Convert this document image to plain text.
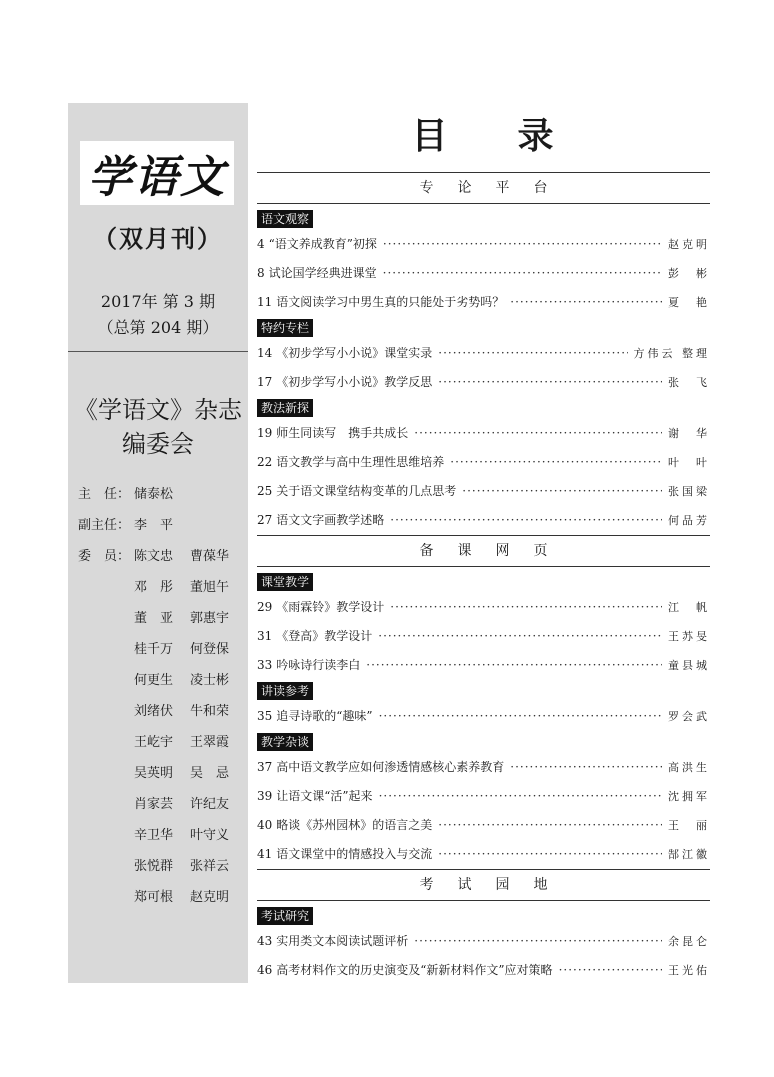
学语文
（双月刊）
2017年 第 3 期
（总第 204 期）
《学语文》杂志
编委会
主　任： 储泰松
副主任： 李　平
委　员： 陈文忠 曹葆华
邓　彤 董旭午
董　亚 郭惠宇
桂千万 何登保
何更生 凌士彬
刘绪伏 牛和荣
王屹宇 王翠霞
吴英明 吴　忌
肖家芸 许纪友
辛卫华 叶守义
张悦群 张祥云
郑可根 赵克明
目录
专论平台
语文观察
4 “语文养成教育”初探 ·····	赵克明
8 试论国学经典进课堂 ·····	彭　彬
11 语文阅读学习中男生真的只能处于劣势吗？ ·····	夏　艳
特约专栏
14 《初步学写小小说》课堂实录 ·····	方伟云 整理
17 《初步学写小小说》教学反思 ·····	张　飞
教法新探
19 师生同读写　携手共成长 ·····	谢　华
22 语文教学与高中生理性思维培养 ·····	叶　叶
25 关于语文课堂结构变革的几点思考 ·····	张国梁
27 语文文字画教学述略 ·····	何品芳
备课网页
课堂教学
29 《雨霖铃》教学设计 ·····	江　帆
31 《登高》教学设计 ·····	王苏旻
33 吟咏诗行读李白 ·····	童县城
讲读参考
35 追寻诗歌的“趣味” ·····	罗会武
教学杂谈
37 高中语文教学应如何渗透情感核心素养教育 ·····	高洪生
39 让语文课“活”起来 ·····	沈拥军
40 略谈《苏州园林》的语言之美 ·····	王　丽
41 语文课堂中的情感投入与交流 ·····	郜江徽
考试园地
考试研究
43 实用类文本阅读试题评析 ·····	余昆仑
46 高考材料作文的历史演变及“新新材料作文”应对策略 ·····	王光佑
